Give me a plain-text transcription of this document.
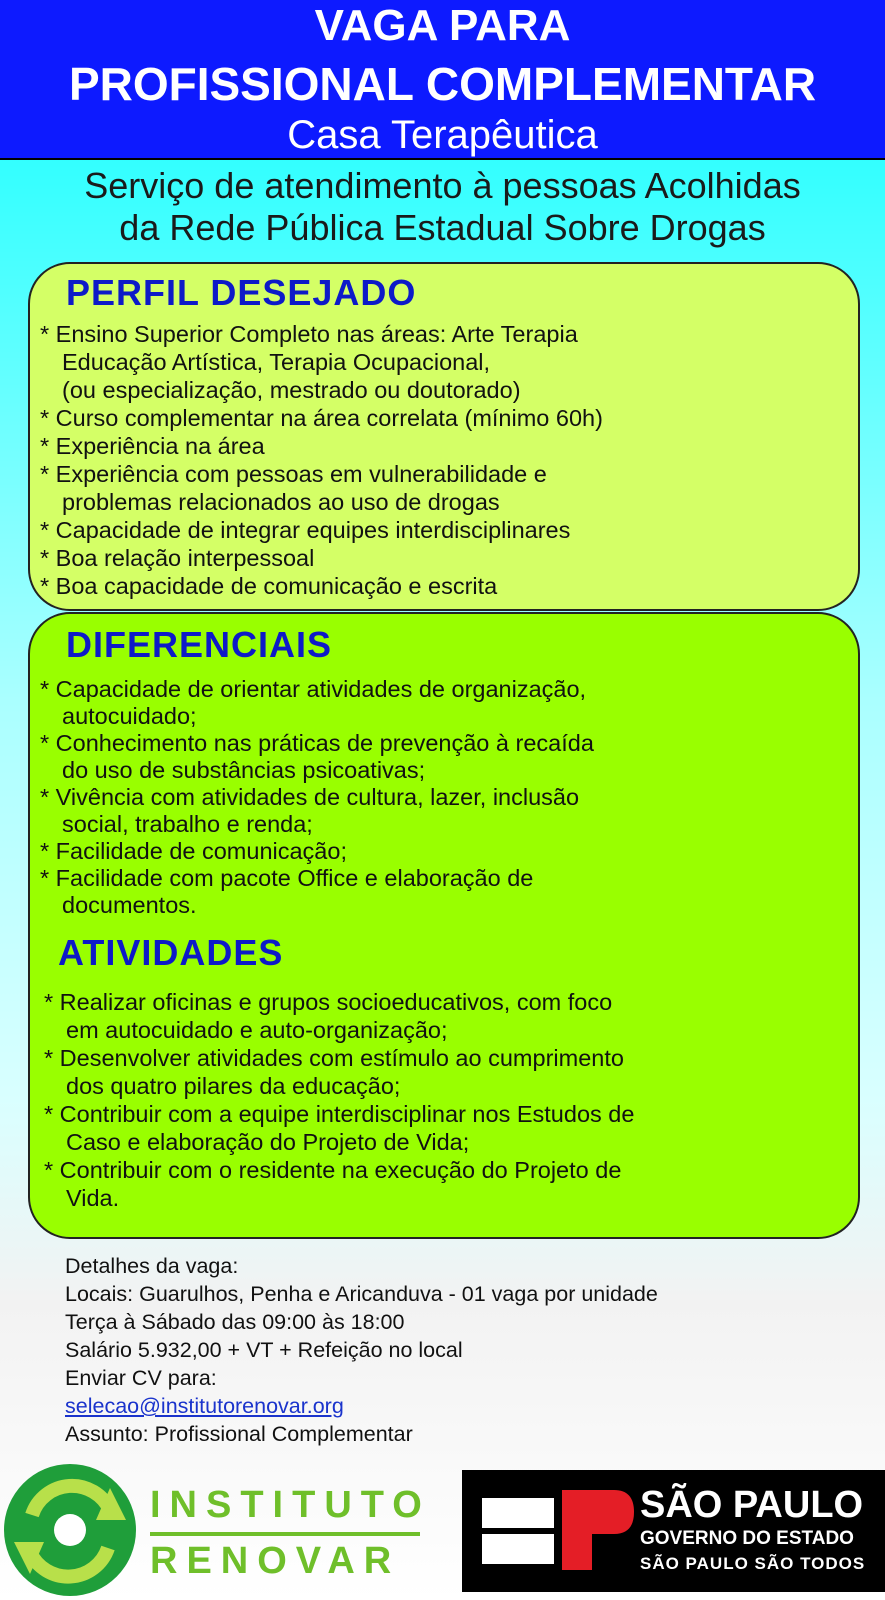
VAGA PARA
PROFISSIONAL COMPLEMENTAR
Casa Terapêutica
Serviço de atendimento à pessoas Acolhidas
da Rede Pública Estadual Sobre Drogas
PERFIL DESEJADO
* Ensino Superior Completo nas áreas: Arte Terapia
Educação Artística, Terapia Ocupacional,
(ou especialização, mestrado ou doutorado)
* Curso complementar na área correlata (mínimo 60h)
* Experiência na área
* Experiência com pessoas em vulnerabilidade e
problemas relacionados ao uso de drogas
* Capacidade de integrar equipes interdisciplinares
* Boa relação interpessoal
* Boa capacidade de comunicação e escrita
DIFERENCIAIS
* Capacidade de orientar atividades de organização,
autocuidado;
* Conhecimento nas práticas de prevenção à recaída
do uso de substâncias psicoativas;
* Vivência com atividades de cultura, lazer, inclusão
social, trabalho e renda;
* Facilidade de comunicação;
* Facilidade com pacote Office e elaboração de
documentos.
ATIVIDADES
* Realizar oficinas e grupos socioeducativos, com foco
em autocuidado e auto-organização;
* Desenvolver atividades com estímulo ao cumprimento
dos quatro pilares da educação;
* Contribuir com a equipe interdisciplinar nos Estudos de
Caso e elaboração do Projeto de Vida;
* Contribuir com o residente na execução do Projeto de
Vida.
Detalhes da vaga:
Locais: Guarulhos, Penha e Aricanduva - 01 vaga por unidade
Terça à Sábado das 09:00 às 18:00
Salário 5.932,00 + VT + Refeição no local
Enviar CV para:
selecao@institutorenovar.org
Assunto: Profissional Complementar
INSTITUTO
RENOVAR
SÃO PAULO
GOVERNO DO ESTADO
SÃO PAULO SÃO TODOS
